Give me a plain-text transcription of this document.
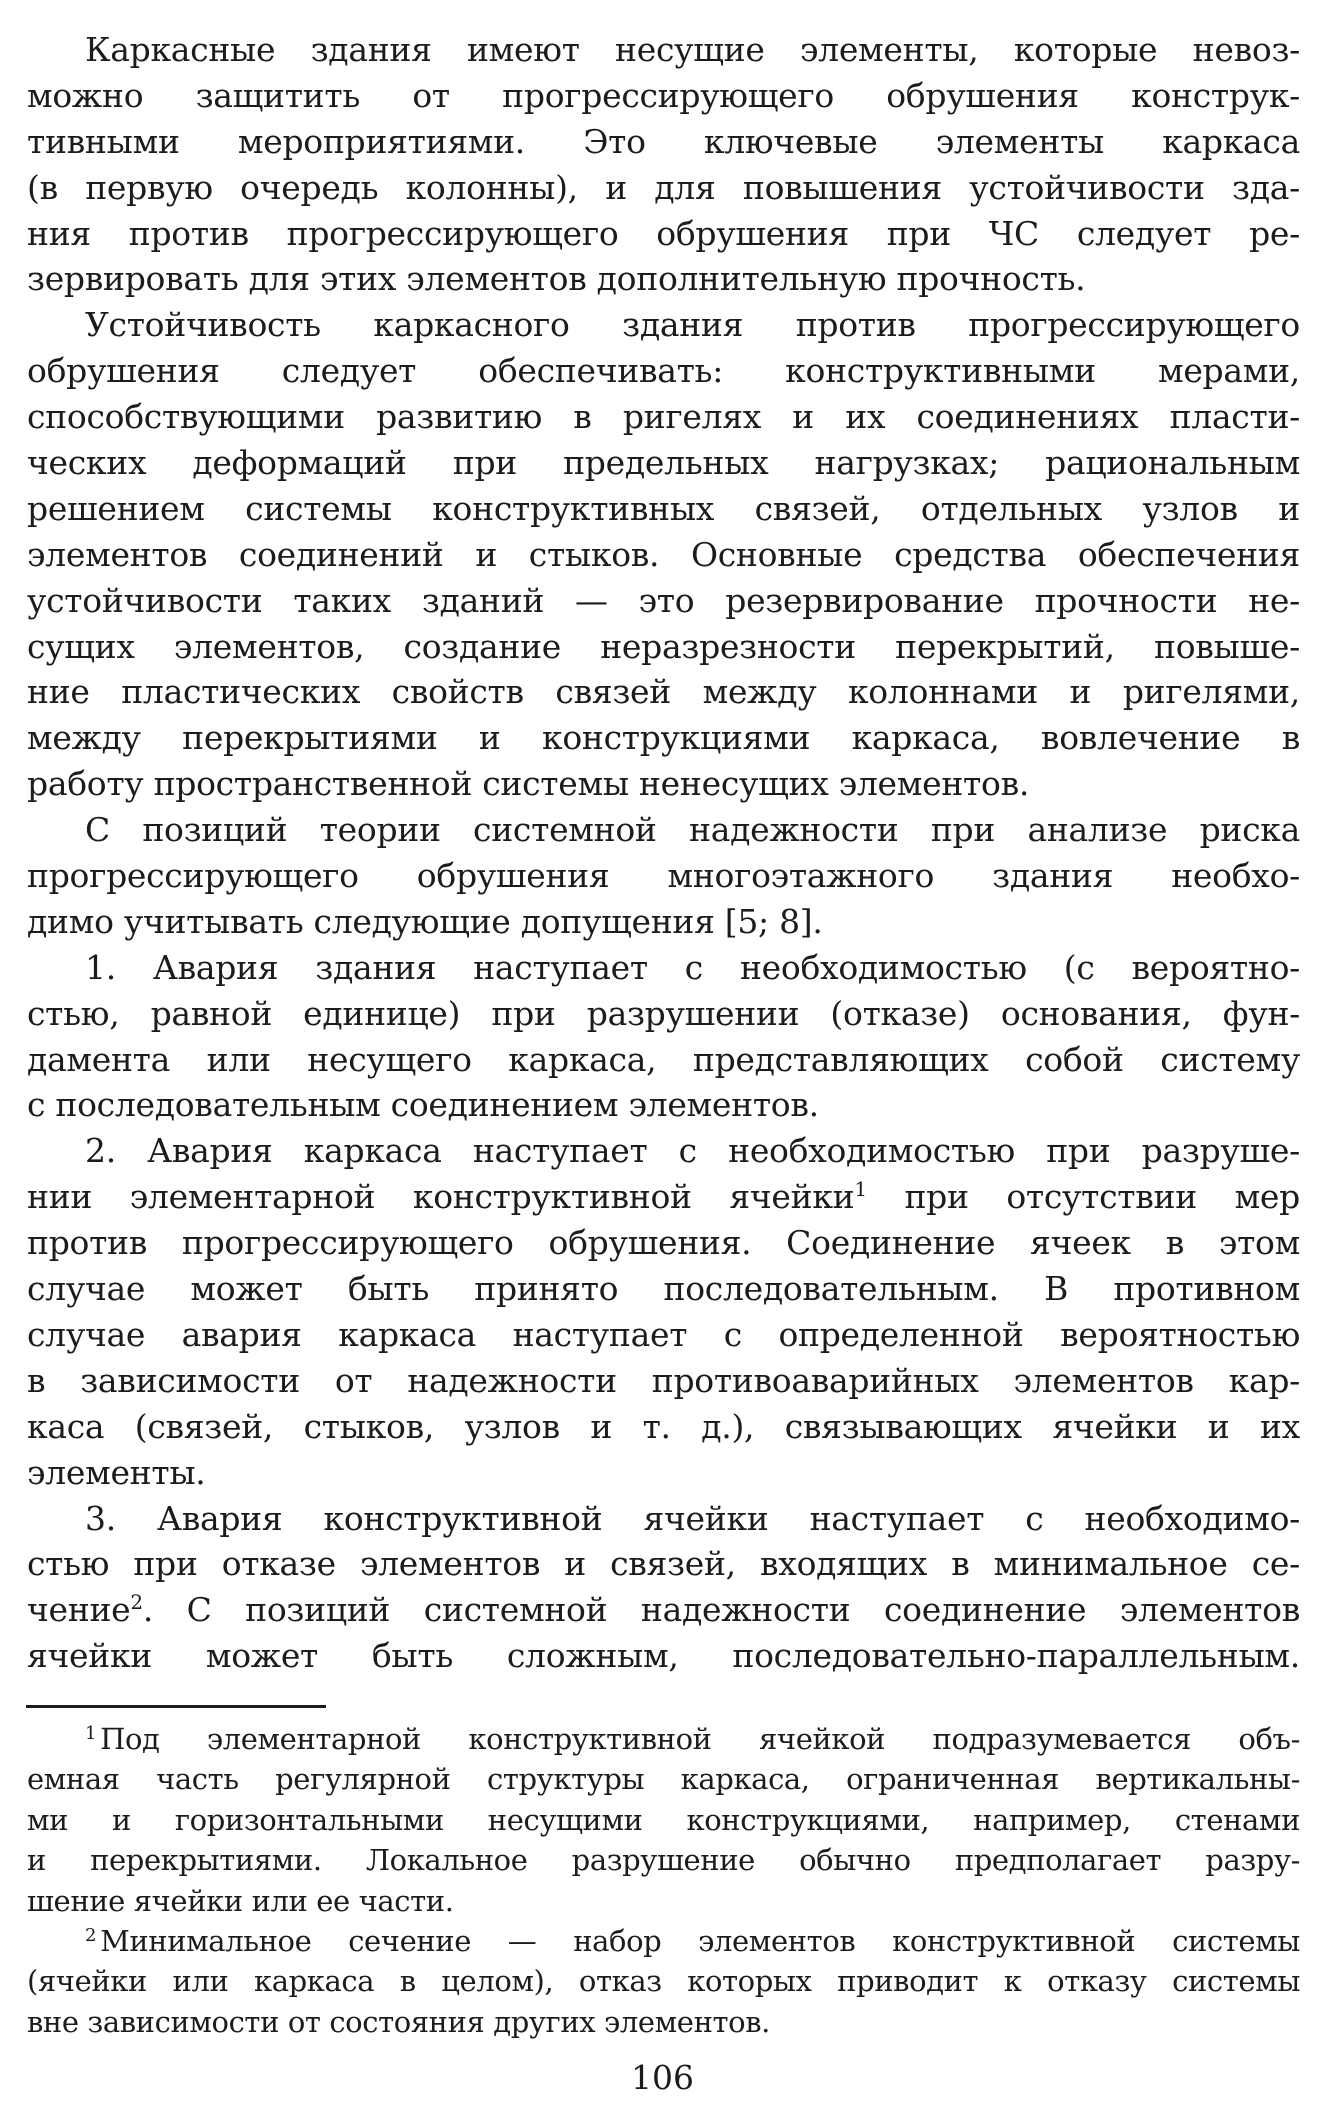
Каркасные здания имеют несущие элементы, которые невоз-
можно защитить от прогрессирующего обрушения конструк-
тивными мероприятиями. Это ключевые элементы каркаса
(в первую очередь колонны), и для повышения устойчивости зда-
ния против прогрессирующего обрушения при ЧС следует ре-
зервировать для этих элементов дополнительную прочность.
Устойчивость каркасного здания против прогрессирующего
обрушения следует обеспечивать: конструктивными мерами,
способствующими развитию в ригелях и их соединениях пласти-
ческих деформаций при предельных нагрузках; рациональным
решением системы конструктивных связей, отдельных узлов и
элементов соединений и стыков. Основные средства обеспечения
устойчивости таких зданий — это резервирование прочности не-
сущих элементов, создание неразрезности перекрытий, повыше-
ние пластических свойств связей между колоннами и ригелями,
между перекрытиями и конструкциями каркаса, вовлечение в
работу пространственной системы ненесущих элементов.
С позиций теории системной надежности при анализе риска
прогрессирующего обрушения многоэтажного здания необхо-
димо учитывать следующие допущения [5; 8].
1. Авария здания наступает с необходимостью (с вероятно-
стью, равной единице) при разрушении (отказе) основания, фун-
дамента или несущего каркаса, представляющих собой систему
с последовательным соединением элементов.
2. Авария каркаса наступает с необходимостью при разруше-
нии элементарной конструктивной ячейки$^1$ при отсутствии мер
против прогрессирующего обрушения. Соединение ячеек в этом
случае может быть принято последовательным. В противном
случае авария каркаса наступает с определенной вероятностью
в зависимости от надежности противоаварийных элементов кар-
каса (связей, стыков, узлов и т. д.), связывающих ячейки и их
элементы.
3. Авария конструктивной ячейки наступает с необходимо-
стью при отказе элементов и связей, входящих в минимальное се-
чение$^2$. С позиций системной надежности соединение элементов
ячейки может быть сложным, последовательно-параллельным.
$^1$ Под элементарной конструктивной ячейкой подразумевается объ-
емная часть регулярной структуры каркаса, ограниченная вертикальны-
ми и горизонтальными несущими конструкциями, например, стенами
и перекрытиями. Локальное разрушение обычно предполагает разру-
шение ячейки или ее части.
$^2$ Минимальное сечение — набор элементов конструктивной системы
(ячейки или каркаса в целом), отказ которых приводит к отказу системы
вне зависимости от состояния других элементов.
106
